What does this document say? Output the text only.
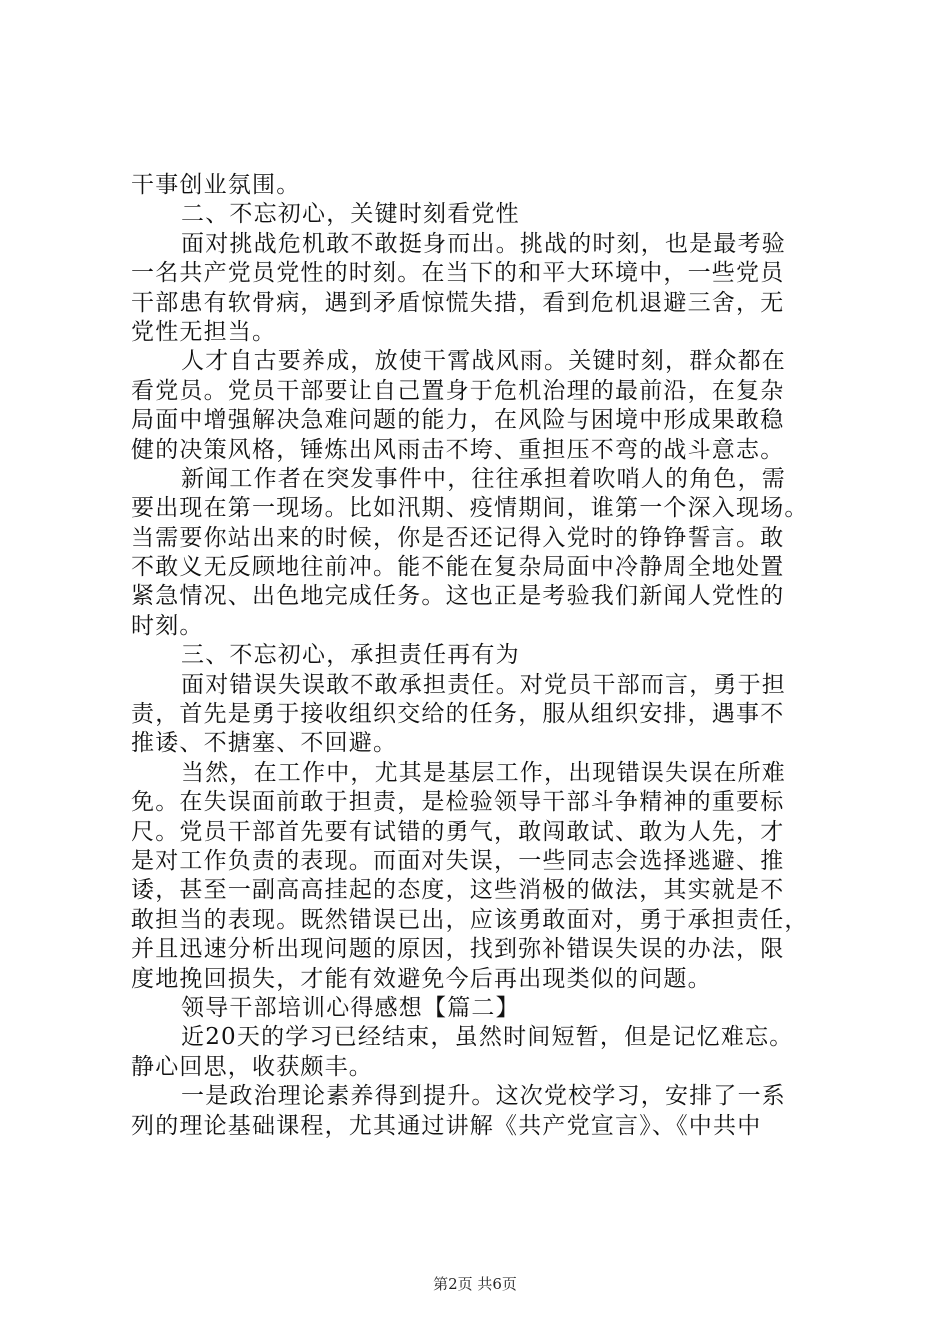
干事创业氛围。
二、不忘初心，关键时刻看党性
面对挑战危机敢不敢挺身而出。挑战的时刻，也是最考验
一名共产党员党性的时刻。在当下的和平大环境中，一些党员
干部患有软骨病，遇到矛盾惊慌失措，看到危机退避三舍，无
党性无担当。
人才自古要养成，放使干霄战风雨。关键时刻，群众都在
看党员。党员干部要让自己置身于危机治理的最前沿，在复杂
局面中增强解决急难问题的能力，在风险与困境中形成果敢稳
健的决策风格，锤炼出风雨击不垮、重担压不弯的战斗意志。
新闻工作者在突发事件中，往往承担着吹哨人的角色，需
要出现在第一现场。比如汛期、疫情期间，谁第一个深入现场。
当需要你站出来的时候，你是否还记得入党时的铮铮誓言。敢
不敢义无反顾地往前冲。能不能在复杂局面中冷静周全地处置
紧急情况、出色地完成任务。这也正是考验我们新闻人党性的
时刻。
三、不忘初心，承担责任再有为
面对错误失误敢不敢承担责任。对党员干部而言，勇于担
责，首先是勇于接收组织交给的任务，服从组织安排，遇事不
推诿、不搪塞、不回避。
当然，在工作中，尤其是基层工作，出现错误失误在所难
免。在失误面前敢于担责，是检验领导干部斗争精神的重要标
尺。党员干部首先要有试错的勇气，敢闯敢试、敢为人先，才
是对工作负责的表现。而面对失误，一些同志会选择逃避、推
诿，甚至一副高高挂起的态度，这些消极的做法，其实就是不
敢担当的表现。既然错误已出，应该勇敢面对，勇于承担责任，
并且迅速分析出现问题的原因，找到弥补错误失误的办法，限
度地挽回损失，才能有效避免今后再出现类似的问题。
领导干部培训心得感想【篇二】
近20天的学习已经结束，虽然时间短暂，但是记忆难忘。
静心回思，收获颇丰。
一是政治理论素养得到提升。这次党校学习，安排了一系
列的理论基础课程，尤其通过讲解《共产党宣言》、《中共中
第2页 共6页
